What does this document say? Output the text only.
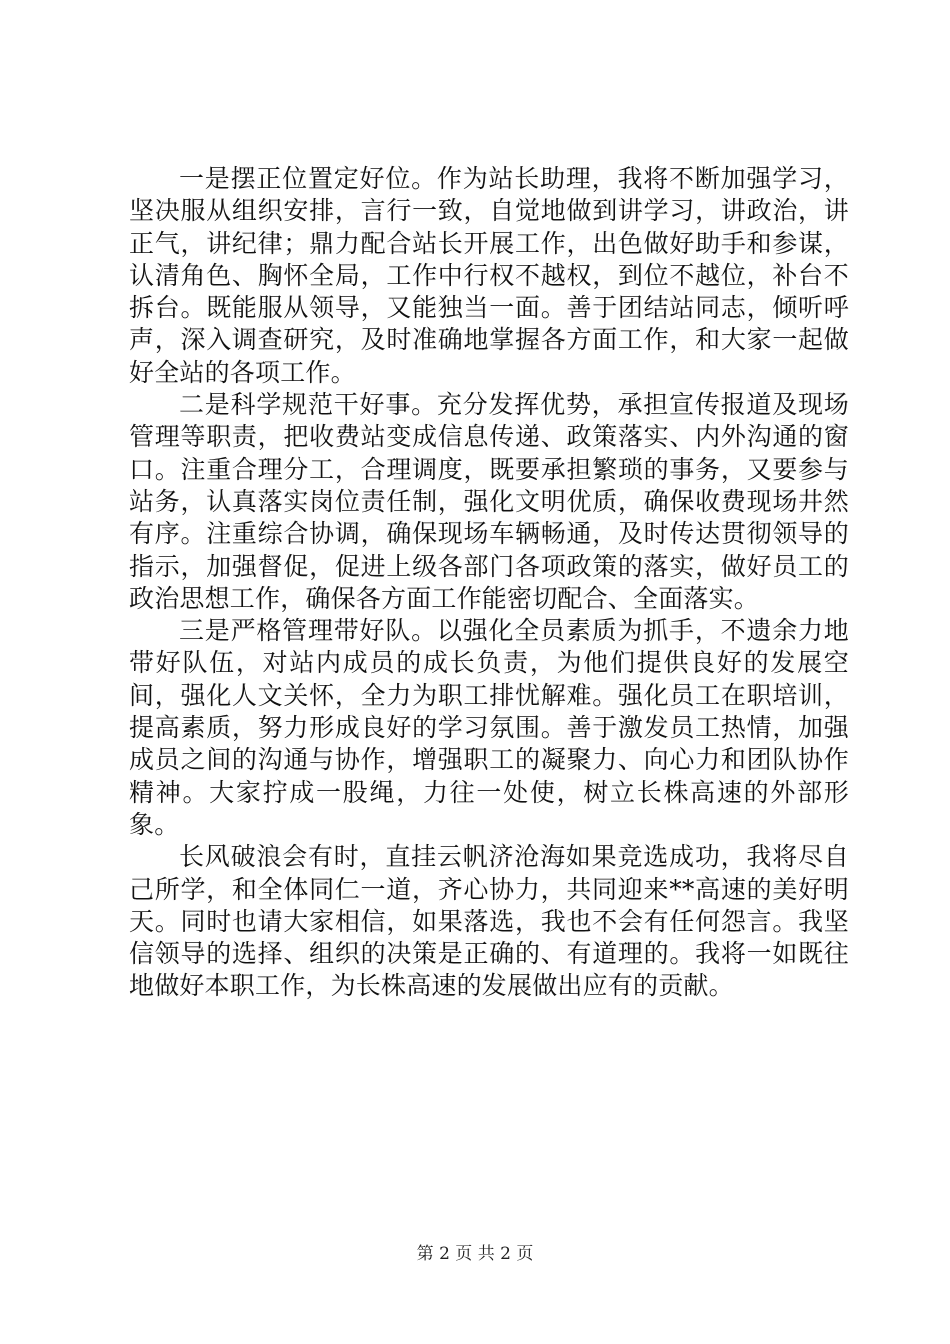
一是摆正位置定好位。作为站长助理，我将不断加强学习，坚决服从组织安排，言行一致，自觉地做到讲学习，讲政治，讲正气，讲纪律；鼎力配合站长开展工作，出色做好助手和参谋，认清角色、胸怀全局，工作中行权不越权，到位不越位，补台不拆台。既能服从领导，又能独当一面。善于团结站同志，倾听呼声，深入调查研究，及时准确地掌握各方面工作，和大家一起做好全站的各项工作。

二是科学规范干好事。充分发挥优势，承担宣传报道及现场管理等职责，把收费站变成信息传递、政策落实、内外沟通的窗口。注重合理分工，合理调度，既要承担繁琐的事务，又要参与站务，认真落实岗位责任制，强化文明优质，确保收费现场井然有序。注重综合协调，确保现场车辆畅通，及时传达贯彻领导的指示，加强督促，促进上级各部门各项政策的落实，做好员工的政治思想工作，确保各方面工作能密切配合、全面落实。

三是严格管理带好队。以强化全员素质为抓手，不遗余力地带好队伍，对站内成员的成长负责，为他们提供良好的发展空间，强化人文关怀，全力为职工排忧解难。强化员工在职培训，提高素质，努力形成良好的学习氛围。善于激发员工热情，加强成员之间的沟通与协作，增强职工的凝聚力、向心力和团队协作精神。大家拧成一股绳，力往一处使，树立长株高速的外部形象。

长风破浪会有时，直挂云帆济沧海如果竞选成功，我将尽自己所学，和全体同仁一道，齐心协力，共同迎来**高速的美好明天。同时也请大家相信，如果落选，我也不会有任何怨言。我坚信领导的选择、组织的决策是正确的、有道理的。我将一如既往地做好本职工作，为长株高速的发展做出应有的贡献。

第 2 页 共 2 页
